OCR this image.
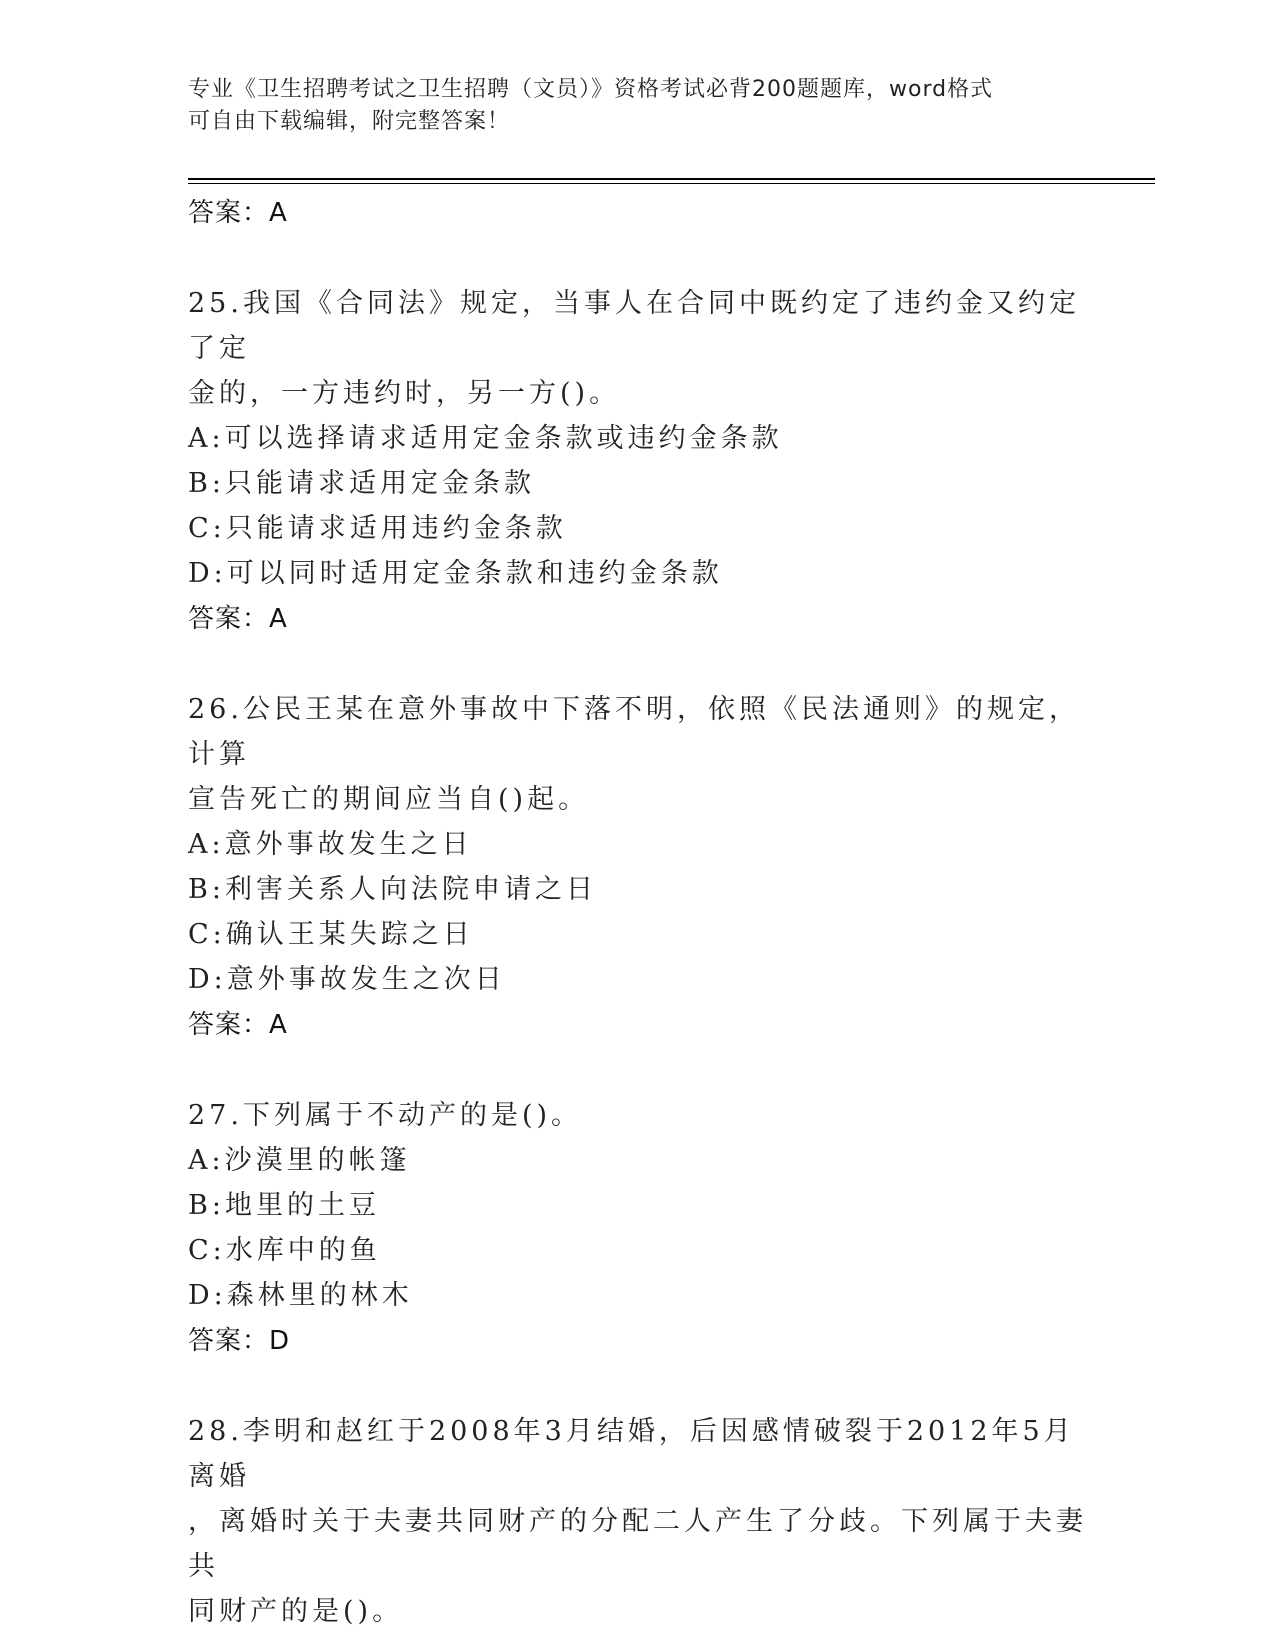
专业《卫生招聘考试之卫生招聘（文员）》资格考试必背200题题库，word格式
可自由下载编辑，附完整答案！
答案：A
25.我国《合同法》规定，当事人在合同中既约定了违约金又约定了定
金的，一方违约时，另一方()。
A:可以选择请求适用定金条款或违约金条款
B:只能请求适用定金条款
C:只能请求适用违约金条款
D:可以同时适用定金条款和违约金条款
答案：A
26.公民王某在意外事故中下落不明，依照《民法通则》的规定，计算
宣告死亡的期间应当自()起。
A:意外事故发生之日
B:利害关系人向法院申请之日
C:确认王某失踪之日
D:意外事故发生之次日
答案：A
27.下列属于不动产的是()。
A:沙漠里的帐篷
B:地里的土豆
C:水库中的鱼
D:森林里的林木
答案：D
28.李明和赵红于2008年3月结婚，后因感情破裂于2012年5月离婚
，离婚时关于夫妻共同财产的分配二人产生了分歧。下列属于夫妻共
同财产的是()。
